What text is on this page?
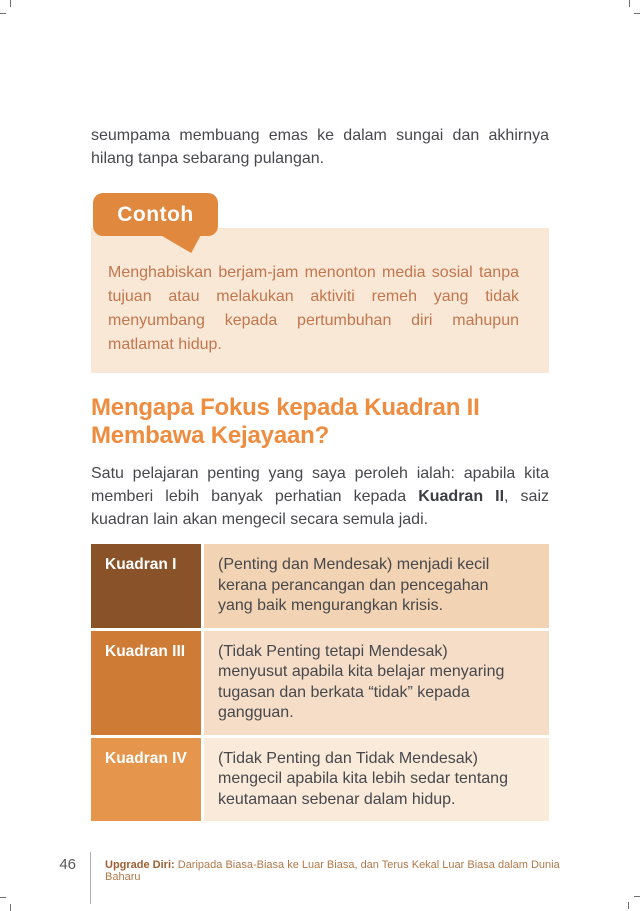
seumpama membuang emas ke dalam sungai dan akhirnya hilang tanpa sebarang pulangan.

Contoh
Menghabiskan berjam-jam menonton media sosial tanpa tujuan atau melakukan aktiviti remeh yang tidak menyumbang kepada pertumbuhan diri mahupun matlamat hidup.
Mengapa Fokus kepada Kuadran II Membawa Kejayaan?

Satu pelajaran penting yang saya peroleh ialah: apabila kita memberi lebih banyak perhatian kepada Kuadran II, saiz kuadran lain akan mengecil secara semula jadi.

Kuadran I	(Penting dan Mendesak) menjadi kecil kerana perancangan dan pencegahan yang baik mengurangkan krisis.
Kuadran III	(Tidak Penting tetapi Mendesak) menyusut apabila kita belajar menyaring tugasan dan berkata “tidak” kepada gangguan.
Kuadran IV	(Tidak Penting dan Tidak Mendesak) mengecil apabila kita lebih sedar tentang keutamaan sebenar dalam hidup.
46	Upgrade Diri: Daripada Biasa-Biasa ke Luar Biasa, dan Terus Kekal Luar Biasa dalam Dunia Baharu
